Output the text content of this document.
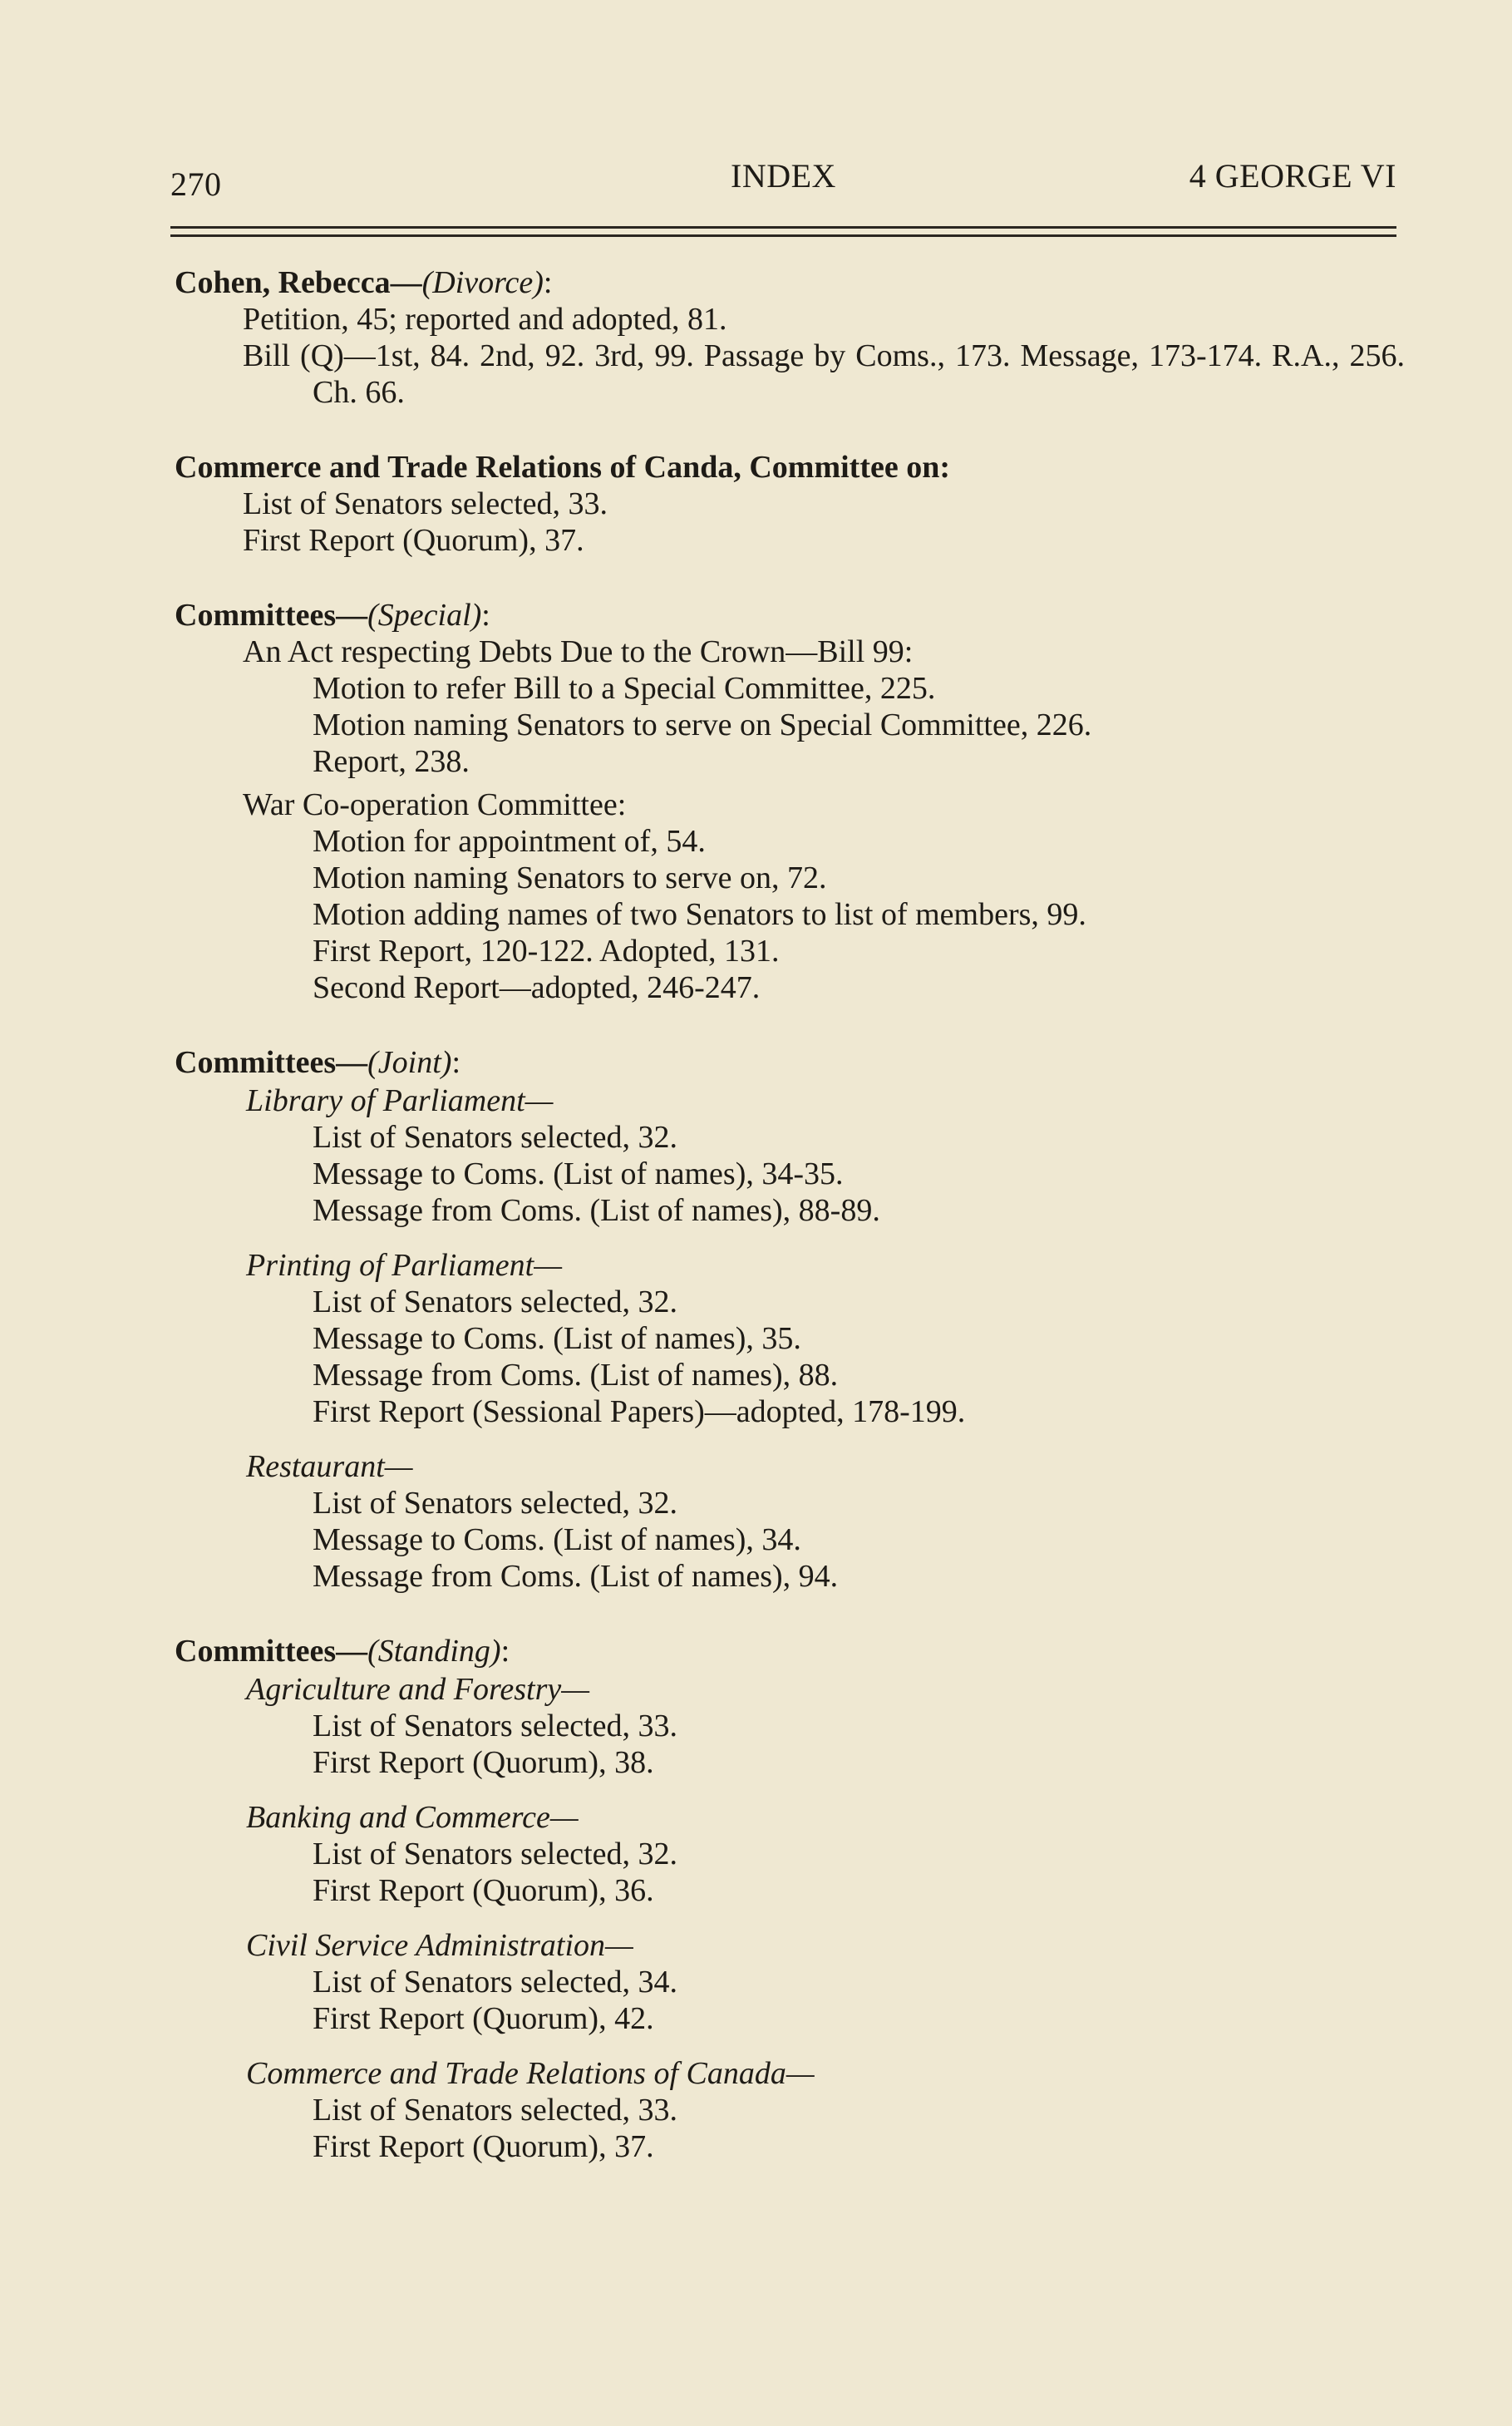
270	INDEX	4 GEORGE VI
Cohen, Rebecca—(Divorce):
Petition, 45; reported and adopted, 81.
Bill (Q)—1st, 84. 2nd, 92. 3rd, 99. Passage by Coms., 173. Message, 173-174. R.A., 256. Ch. 66.
Commerce and Trade Relations of Canda, Committee on:
List of Senators selected, 33.
First Report (Quorum), 37.
Committees—(Special):
An Act respecting Debts Due to the Crown—Bill 99:
Motion to refer Bill to a Special Committee, 225.
Motion naming Senators to serve on Special Committee, 226.
Report, 238.
War Co-operation Committee:
Motion for appointment of, 54.
Motion naming Senators to serve on, 72.
Motion adding names of two Senators to list of members, 99.
First Report, 120-122. Adopted, 131.
Second Report—adopted, 246-247.
Committees—(Joint):
Library of Parliament—
List of Senators selected, 32.
Message to Coms. (List of names), 34-35.
Message from Coms. (List of names), 88-89.
Printing of Parliament—
List of Senators selected, 32.
Message to Coms. (List of names), 35.
Message from Coms. (List of names), 88.
First Report (Sessional Papers)—adopted, 178-199.
Restaurant—
List of Senators selected, 32.
Message to Coms. (List of names), 34.
Message from Coms. (List of names), 94.
Committees—(Standing):
Agriculture and Forestry—
List of Senators selected, 33.
First Report (Quorum), 38.
Banking and Commerce—
List of Senators selected, 32.
First Report (Quorum), 36.
Civil Service Administration—
List of Senators selected, 34.
First Report (Quorum), 42.
Commerce and Trade Relations of Canada—
List of Senators selected, 33.
First Report (Quorum), 37.
